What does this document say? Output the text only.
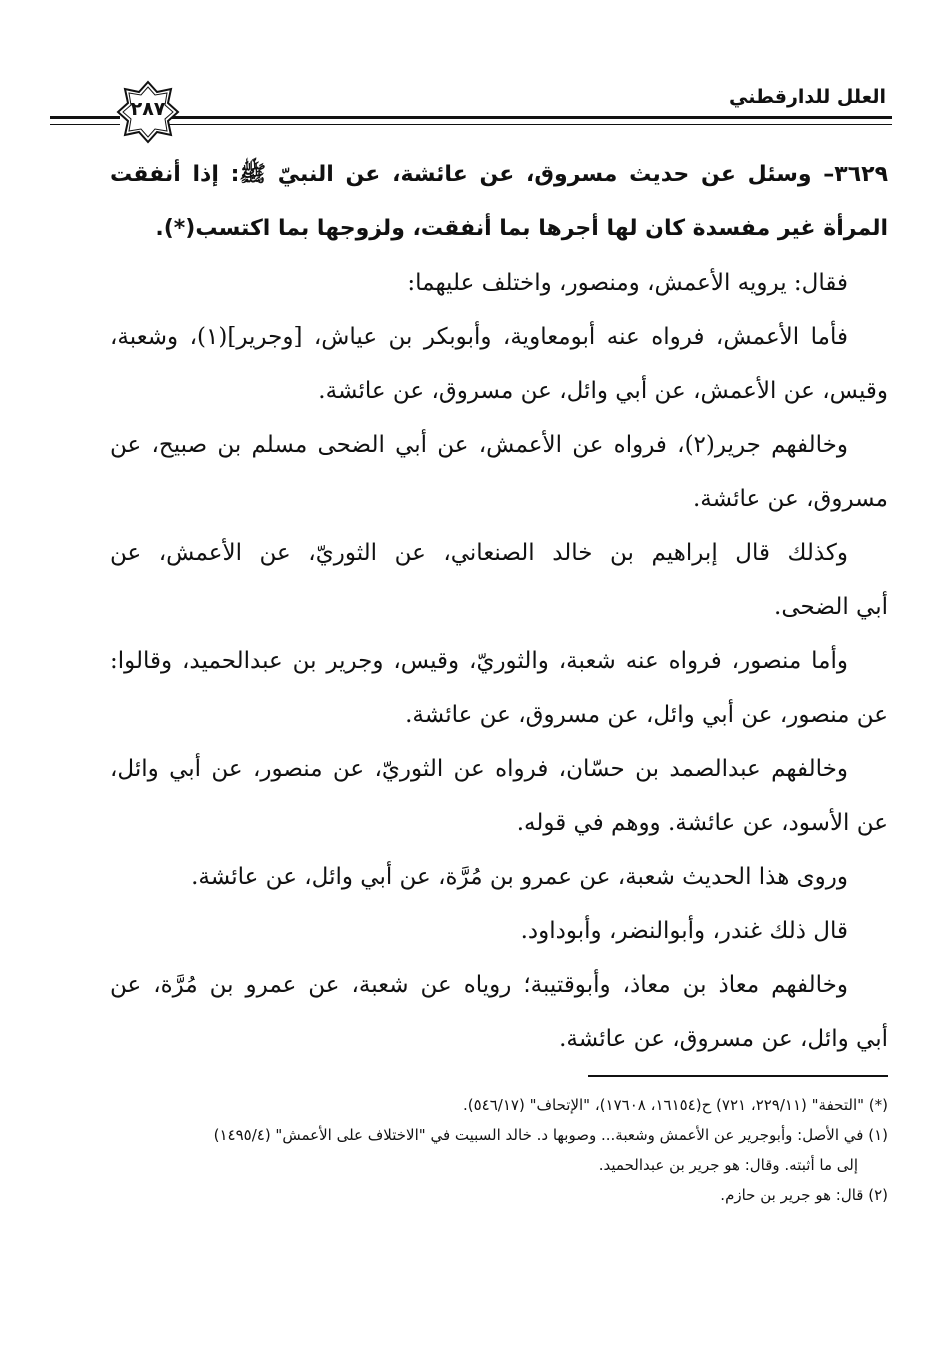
العلل للدارقطني
٢٨٧
٣٦٢٩– وسئل عن حديث مسروق، عن عائشة، عن النبيّ ﷺ: إذا أنفقت
المرأة غير مفسدة كان لها أجرها بما أنفقت، ولزوجها بما اكتسب(*).
فقال: يرويه الأعمش، ومنصور، واختلف عليهما:
فأما الأعمش، فرواه عنه أبومعاوية، وأبوبكر بن عياش، [وجرير](١)، وشعبة،
وقيس، عن الأعمش، عن أبي وائل، عن مسروق، عن عائشة.
وخالفهم جرير(٢)، فرواه عن الأعمش، عن أبي الضحى مسلم بن صبيح، عن
مسروق، عن عائشة.
وكذلك قال إبراهيم بن خالد الصنعاني، عن الثوريّ، عن الأعمش، عن
أبي الضحى.
وأما منصور، فرواه عنه شعبة، والثوريّ، وقيس، وجرير بن عبدالحميد، وقالوا:
عن منصور، عن أبي وائل، عن مسروق، عن عائشة.
وخالفهم عبدالصمد بن حسّان، فرواه عن الثوريّ، عن منصور، عن أبي وائل،
عن الأسود، عن عائشة. ووهم في قوله.
وروى هذا الحديث شعبة، عن عمرو بن مُرَّة، عن أبي وائل، عن عائشة.
قال ذلك غندر، وأبوالنضر، وأبوداود.
وخالفهم معاذ بن معاذ، وأبوقتيبة؛ روياه عن شعبة، عن عمرو بن مُرَّة، عن
أبي وائل، عن مسروق، عن عائشة.
(*) "التحفة" (٢٢٩/١١، ٧٢١) ح(١٦١٥٤، ١٧٦٠٨)، "الإتحاف" (٥٤٦/١٧).
(١) في الأصل: وأبوجرير عن الأعمش وشعبة... وصوبها د. خالد السبيت في "الاختلاف على الأعمش" (١٤٩٥/٤)
إلى ما أثبته. وقال: هو جرير بن عبدالحميد.
(٢) قال: هو جرير بن حازم.
